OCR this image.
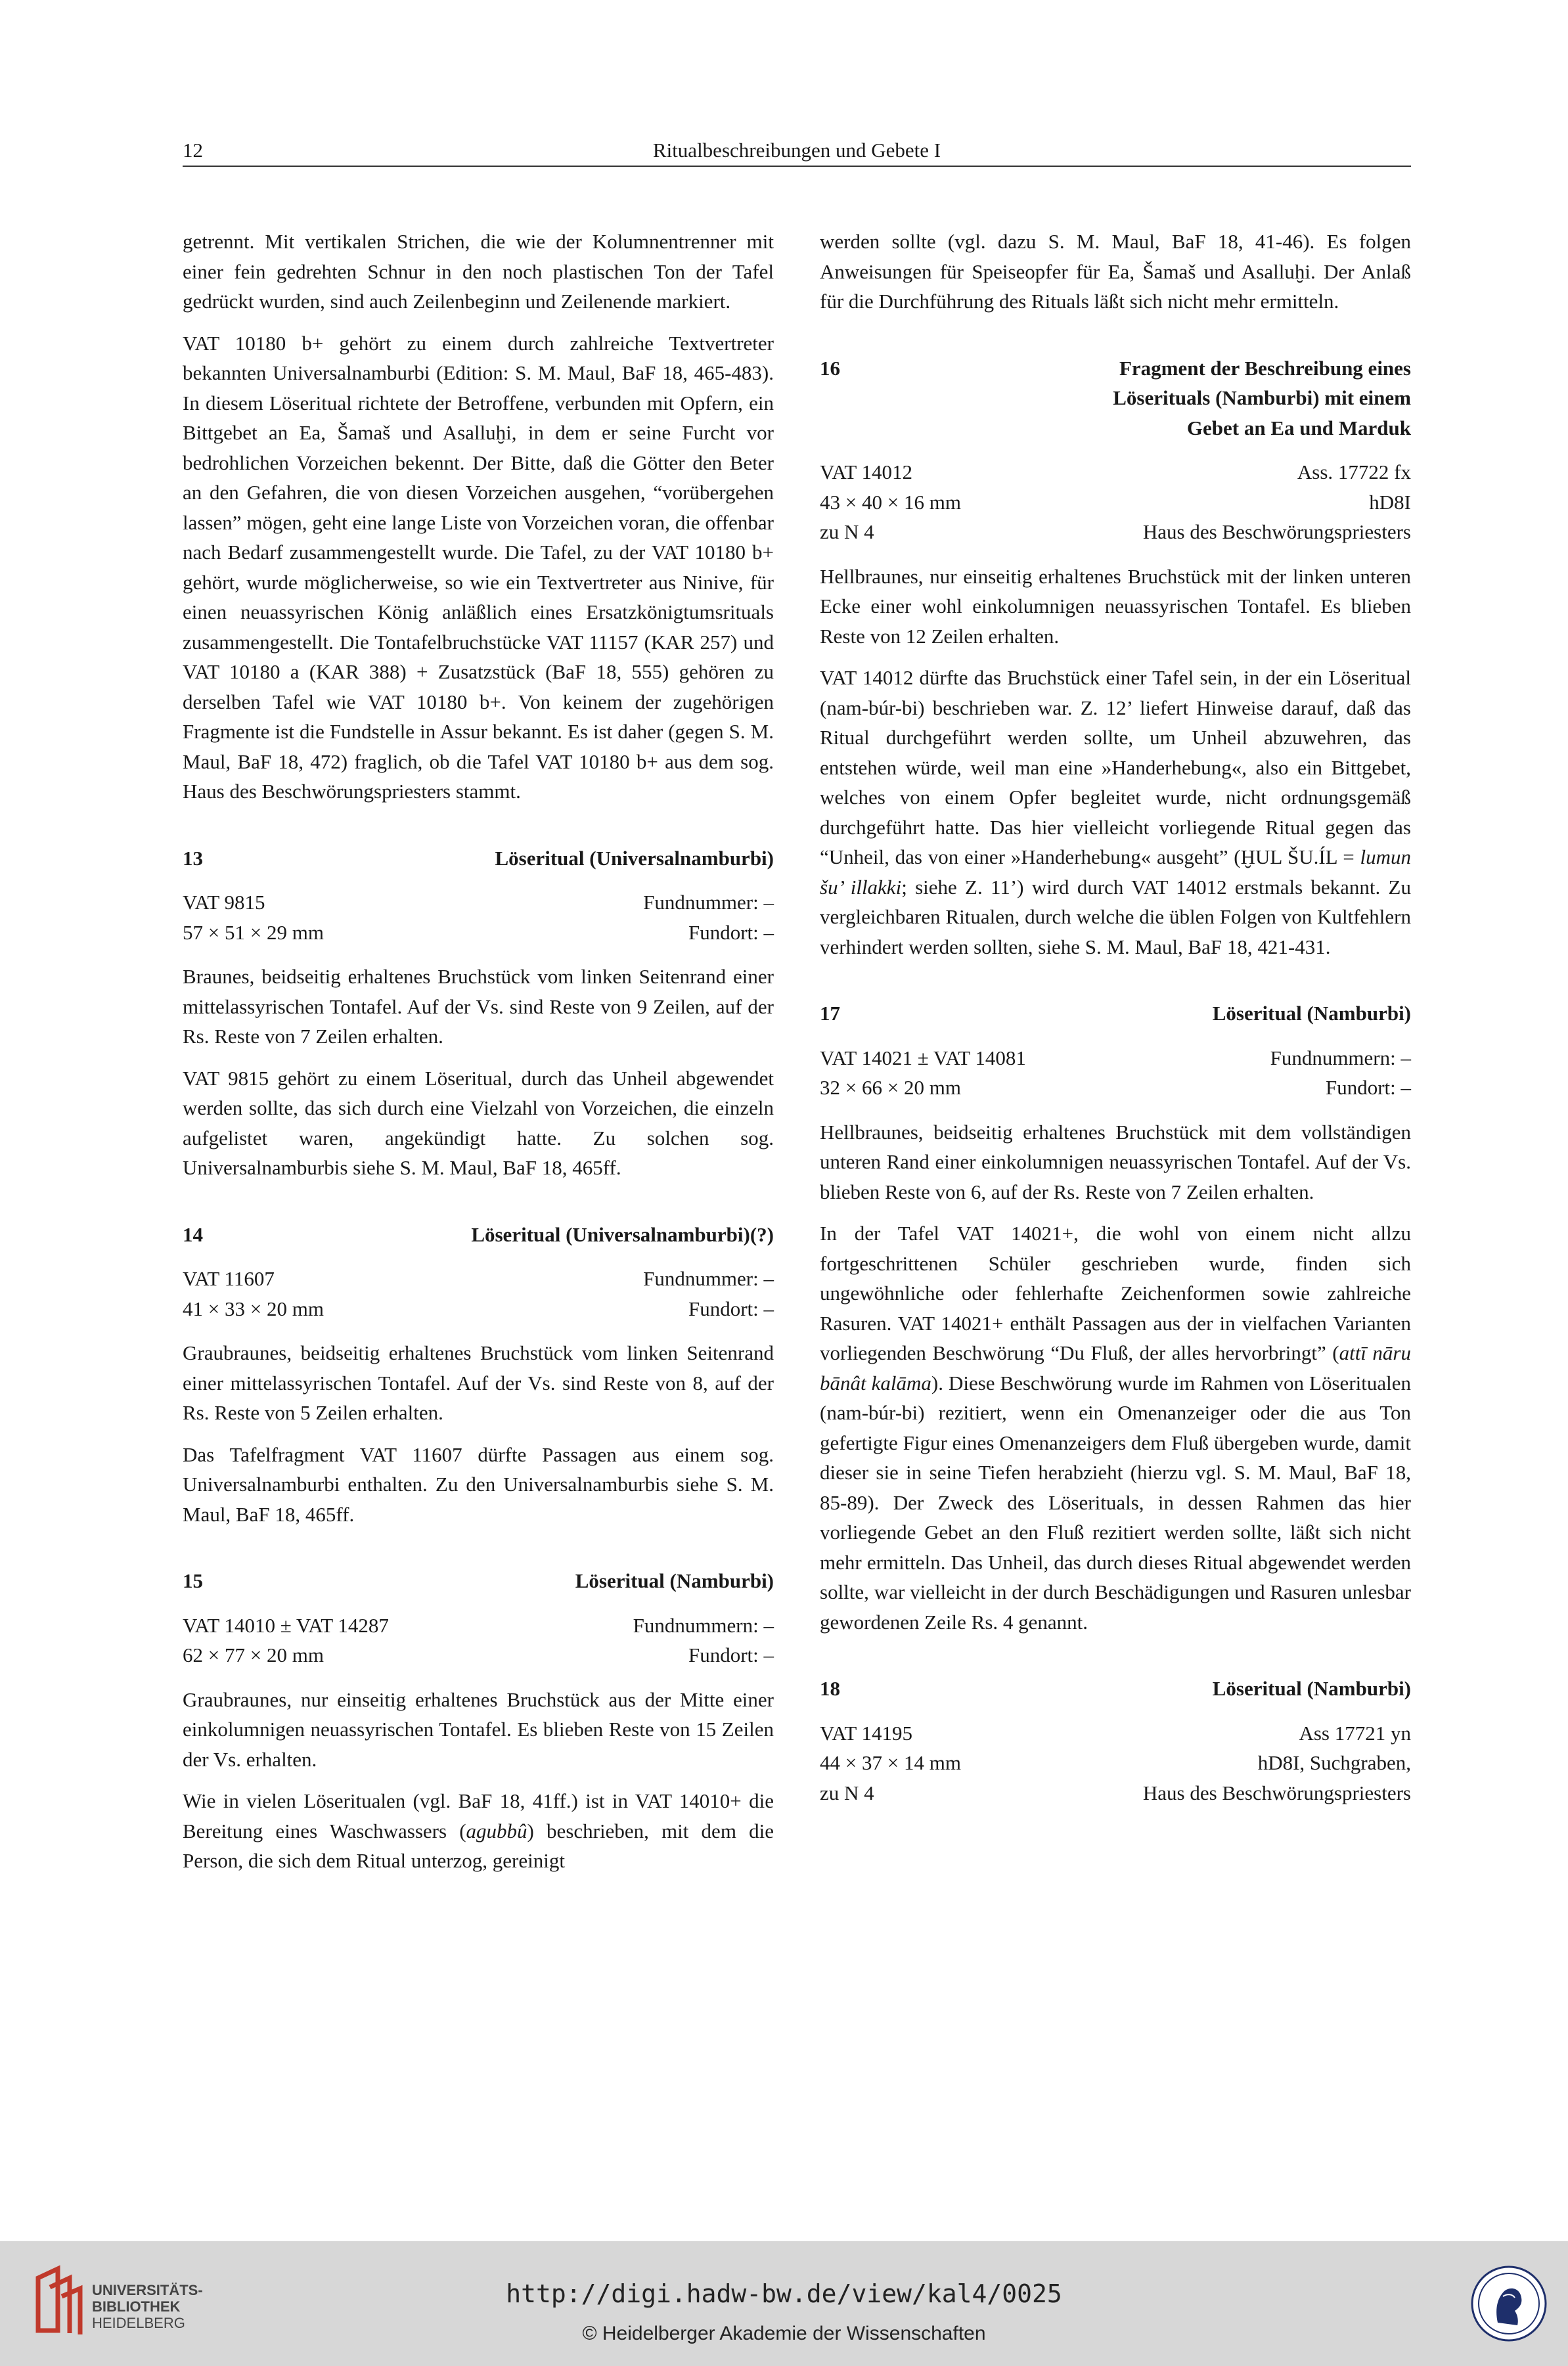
12	Ritualbeschreibungen und Gebete I

getrennt. Mit vertikalen Strichen, die wie der Kolumnentrenner mit einer fein gedrehten Schnur in den noch plastischen Ton der Tafel gedrückt wurden, sind auch Zeilenbeginn und Zeilenende markiert.

VAT 10180 b+ gehört zu einem durch zahlreiche Textvertreter bekannten Universalnamburbi (Edition: S. M. Maul, BaF 18, 465-483). In diesem Löseritual richtete der Betroffene, verbunden mit Opfern, ein Bittgebet an Ea, Šamaš und Asalluḫi, in dem er seine Furcht vor bedrohlichen Vorzeichen bekennt. Der Bitte, daß die Götter den Beter an den Gefahren, die von diesen Vorzeichen ausgehen, “vorübergehen lassen” mögen, geht eine lange Liste von Vorzeichen voran, die offenbar nach Bedarf zusammengestellt wurde. Die Tafel, zu der VAT 10180 b+ gehört, wurde möglicherweise, so wie ein Textvertreter aus Ninive, für einen neuassyrischen König anläßlich eines Ersatzkönigtumsrituals zusammengestellt. Die Tontafelbruchstücke VAT 11157 (KAR 257) und VAT 10180 a (KAR 388) + Zusatzstück (BaF 18, 555) gehören zu derselben Tafel wie VAT 10180 b+. Von keinem der zugehörigen Fragmente ist die Fundstelle in Assur bekannt. Es ist daher (gegen S. M. Maul, BaF 18, 472) fraglich, ob die Tafel VAT 10180 b+ aus dem sog. Haus des Beschwörungspriesters stammt.

13	Löseritual (Universalnamburbi)
VAT 9815	Fundnummer: –
57 × 51 × 29 mm	Fundort: –

Braunes, beidseitig erhaltenes Bruchstück vom linken Seitenrand einer mittelassyrischen Tontafel. Auf der Vs. sind Reste von 9 Zeilen, auf der Rs. Reste von 7 Zeilen erhalten.

VAT 9815 gehört zu einem Löseritual, durch das Unheil abgewendet werden sollte, das sich durch eine Vielzahl von Vorzeichen, die einzeln aufgelistet waren, angekündigt hatte. Zu solchen sog. Universalnamburbis siehe S. M. Maul, BaF 18, 465ff.

14	Löseritual (Universalnamburbi)(?)
VAT 11607	Fundnummer: –
41 × 33 × 20 mm	Fundort: –

Graubraunes, beidseitig erhaltenes Bruchstück vom linken Seitenrand einer mittelassyrischen Tontafel. Auf der Vs. sind Reste von 8, auf der Rs. Reste von 5 Zeilen erhalten.

Das Tafelfragment VAT 11607 dürfte Passagen aus einem sog. Universalnamburbi enthalten. Zu den Universalnamburbis siehe S. M. Maul, BaF 18, 465ff.

15	Löseritual (Namburbi)
VAT 14010 ± VAT 14287	Fundnummern: –
62 × 77 × 20 mm	Fundort: –

Graubraunes, nur einseitig erhaltenes Bruchstück aus der Mitte einer einkolumnigen neuassyrischen Tontafel. Es blieben Reste von 15 Zeilen der Vs. erhalten.

Wie in vielen Löseritualen (vgl. BaF 18, 41ff.) ist in VAT 14010+ die Bereitung eines Waschwassers (agubbû) beschrieben, mit dem die Person, die sich dem Ritual unterzog, gereinigt

werden sollte (vgl. dazu S. M. Maul, BaF 18, 41-46). Es folgen Anweisungen für Speiseopfer für Ea, Šamaš und Asalluḫi. Der Anlaß für die Durchführung des Rituals läßt sich nicht mehr ermitteln.

16	Fragment der Beschreibung eines
Löserituals (Namburbi) mit einem
Gebet an Ea und Marduk
VAT 14012	Ass. 17722 fx
43 × 40 × 16 mm	hD8I
zu N 4	Haus des Beschwörungspriesters

Hellbraunes, nur einseitig erhaltenes Bruchstück mit der linken unteren Ecke einer wohl einkolumnigen neuassyrischen Tontafel. Es blieben Reste von 12 Zeilen erhalten.

VAT 14012 dürfte das Bruchstück einer Tafel sein, in der ein Löseritual (nam-búr-bi) beschrieben war. Z. 12’ liefert Hinweise darauf, daß das Ritual durchgeführt werden sollte, um Unheil abzuwehren, das entstehen würde, weil man eine »Handerhebung«, also ein Bittgebet, welches von einem Opfer begleitet wurde, nicht ordnungsgemäß durchgeführt hatte. Das hier vielleicht vorliegende Ritual gegen das “Unheil, das von einer »Handerhebung« ausgeht” (ḪUL ŠU.ÍL = lumun šu’ illakki; siehe Z. 11’) wird durch VAT 14012 erstmals bekannt. Zu vergleichbaren Ritualen, durch welche die üblen Folgen von Kultfehlern verhindert werden sollten, siehe S. M. Maul, BaF 18, 421-431.

17	Löseritual (Namburbi)
VAT 14021 ± VAT 14081	Fundnummern: –
32 × 66 × 20 mm	Fundort: –

Hellbraunes, beidseitig erhaltenes Bruchstück mit dem vollständigen unteren Rand einer einkolumnigen neuassyrischen Tontafel. Auf der Vs. blieben Reste von 6, auf der Rs. Reste von 7 Zeilen erhalten.

In der Tafel VAT 14021+, die wohl von einem nicht allzu fortgeschrittenen Schüler geschrieben wurde, finden sich ungewöhnliche oder fehlerhafte Zeichenformen sowie zahlreiche Rasuren. VAT 14021+ enthält Passagen aus der in vielfachen Varianten vorliegenden Beschwörung “Du Fluß, der alles hervorbringt” (attī nāru bānât kalāma). Diese Beschwörung wurde im Rahmen von Löseritualen (nam-búr-bi) rezitiert, wenn ein Omenanzeiger oder die aus Ton gefertigte Figur eines Omenanzeigers dem Fluß übergeben wurde, damit dieser sie in seine Tiefen herabzieht (hierzu vgl. S. M. Maul, BaF 18, 85-89). Der Zweck des Löserituals, in dessen Rahmen das hier vorliegende Gebet an den Fluß rezitiert werden sollte, läßt sich nicht mehr ermitteln. Das Unheil, das durch dieses Ritual abgewendet werden sollte, war vielleicht in der durch Beschädigungen und Rasuren unlesbar gewordenen Zeile Rs. 4 genannt.

18	Löseritual (Namburbi)
VAT 14195	Ass 17721 yn
44 × 37 × 14 mm	hD8I, Suchgraben,
zu N 4	Haus des Beschwörungspriesters
UNIVERSITÄTS-
BIBLIOTHEK
HEIDELBERG
http://digi.hadw-bw.de/view/kal4/0025
© Heidelberger Akademie der Wissenschaften
